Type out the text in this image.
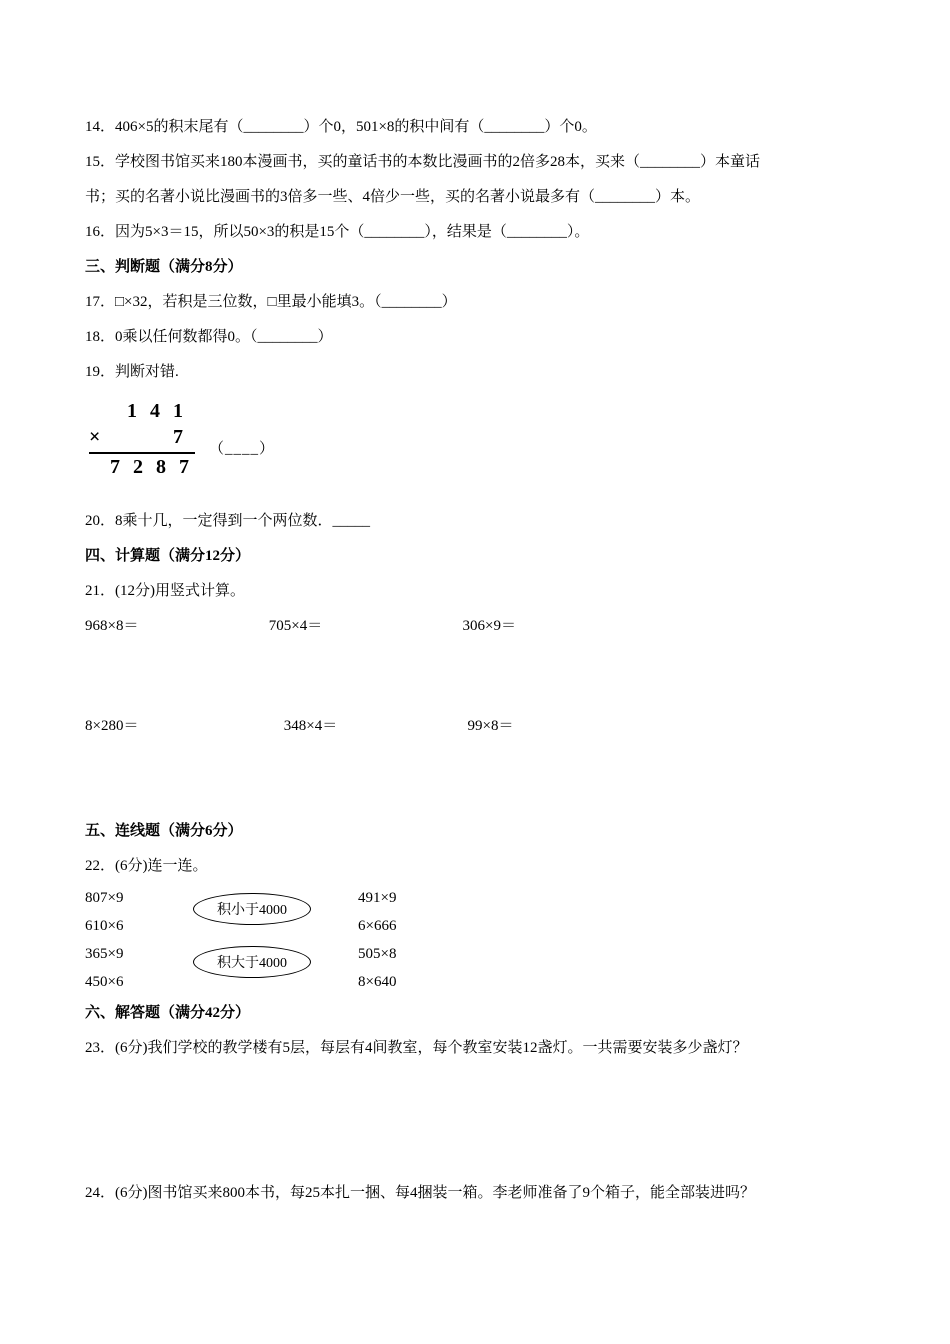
14．406×5的积末尾有（________）个0，501×8的积中间有（________）个0。
15．学校图书馆买来180本漫画书，买的童话书的本数比漫画书的2倍多28本，买来（________）本童话
书；买的名著小说比漫画书的3倍多一些、4倍少一些，买的名著小说最多有（________）本。
16．因为5×3＝15，所以50×3的积是15个（________），结果是（________）。
三、判断题（满分8分）
17．□×32，若积是三位数，□里最小能填3。（________）
18．0乘以任何数都得0。（________）
19．判断对错.
1 4 1
×	7
7 2 8 7
（____）
20．8乘十几，一定得到一个两位数．_____
四、计算题（满分12分）
21．(12分)用竖式计算。
968×8＝	705×4＝	306×9＝
8×280＝	348×4＝	99×8＝
五、连线题（满分6分）
22．(6分)连一连。
807×9
610×6
365×9
450×6
积小于4000
积大于4000
491×9
6×666
505×8
8×640
六、解答题（满分42分）
23．(6分)我们学校的教学楼有5层，每层有4间教室，每个教室安装12盏灯。一共需要安装多少盏灯？
24．(6分)图书馆买来800本书，每25本扎一捆、每4捆装一箱。李老师准备了9个箱子，能全部装进吗？
